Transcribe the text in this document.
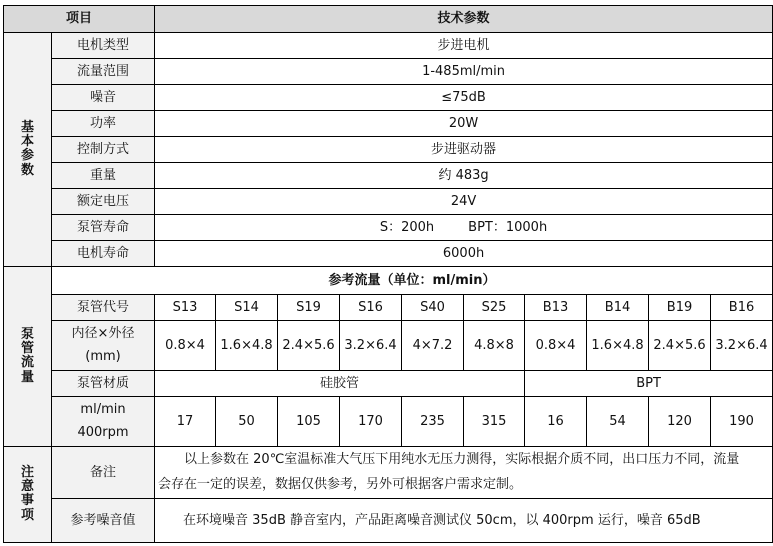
项目		技术参数									
基本参数	电机类型	步进电机									
	流量范围	1-485ml/min									
	噪音	≤75dB									
	功率	20W									
	控制方式	步进驱动器									
	重量	约 483g									
	额定电压	24V									
	泵管寿命	S：200h BPT：1000h									
	电机寿命	6000h									
泵管流量	参考流量（单位：ml/min）										
	泵管代号	S13	S14	S19	S16	S40	S25	B13	B14	B19	B16
	内径×外径
(mm)	0.8×4	1.6×4.8	2.4×5.6	3.2×6.4	4×7.2	4.8×8	0.8×4	1.6×4.8	2.4×5.6	3.2×6.4
	泵管材质	硅胶管						BPT			
	ml/min
400rpm	17	50	105	170	235	315	16	54	120	190
注意事项	备注	以上参数在 20℃室温标准大气压下用纯水无压力测得，实际根据介质不同，出口压力不同，流量
会存在一定的误差，数据仅供参考，另外可根据客户需求定制。									

	参考噪音值	在环境噪音 35dB 静音室内，产品距离噪音测试仪 50cm，以 400rpm 运行，噪音 65dB									
